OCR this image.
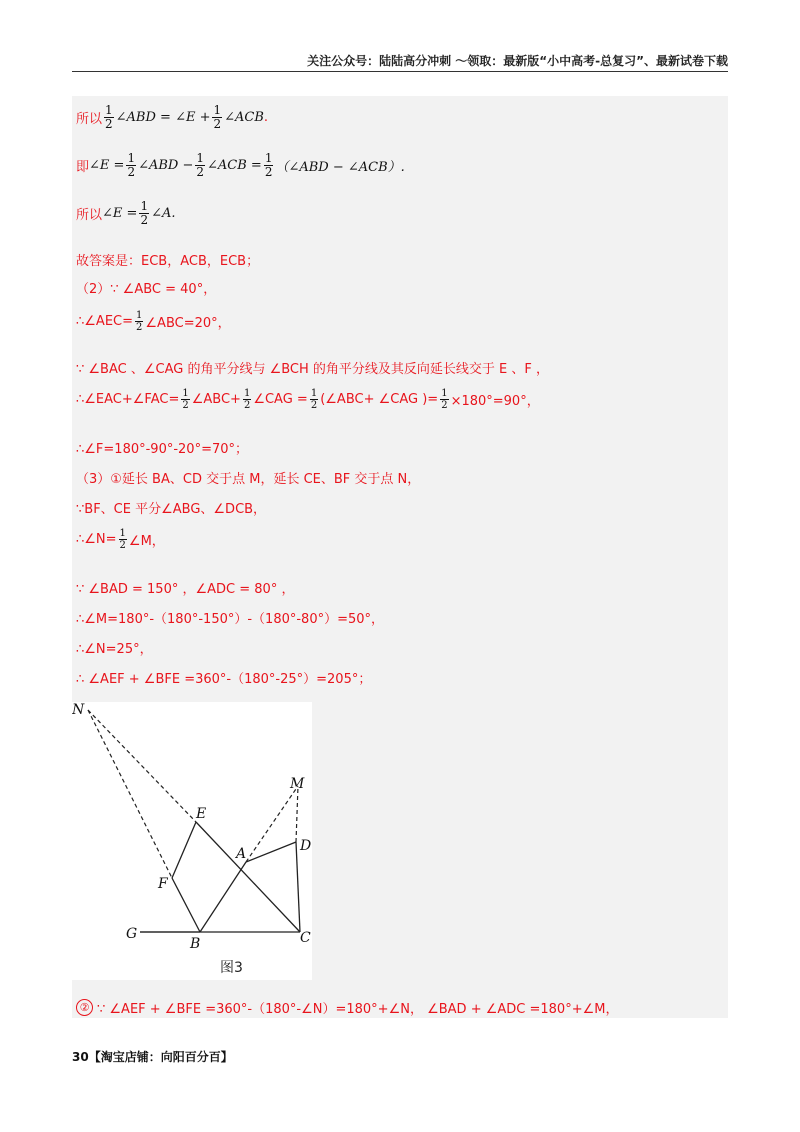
关注公众号：陆陆高分冲刺 〜领取：最新版“小中高考-总复习”、最新试卷下载
所以 $\frac{1}{2}$ ∠ABD = ∠E + $\frac{1}{2}$ ∠ACB .
即 ∠E = $\frac{1}{2}$ ∠ABD − $\frac{1}{2}$ ∠ACB = $\frac{1}{2}$ （∠ABD − ∠ACB）.
所以 ∠E = $\frac{1}{2}$ ∠A.
故答案是：ECB，ACB，ECB；
（2）∵ ∠ABC = 40°，
∴∠AEC= $\frac{1}{2}$ ∠ABC=20°，
∵ ∠BAC 、∠CAG 的角平分线与 ∠BCH 的角平分线及其反向延长线交于 E 、F ，
∴∠EAC+∠FAC= $\frac{1}{2}$ ∠ABC+ $\frac{1}{2}$ ∠CAG = $\frac{1}{2}$ (∠ABC+ ∠CAG )= $\frac{1}{2} \times 180^\circ=90^\circ$，
∴∠F=180°-90°-20°=70°；
（3）①延长 BA、CD 交于点 M，延长 CE、BF 交于点 N，
∵BF、CE 平分∠ABG、∠DCB，
∴∠N= $\frac{1}{2}$ ∠M，
∵ ∠BAD = 150° ，∠ADC = 80° ，
∴∠M=180°-（180°-150°）-（180°-80°）=50°，
∴∠N=25°，
∴ ∠AEF + ∠BFE =360°-（180°-25°）=205°；
N
M
E
A	D
F
G
B	C
图3
② ∵ ∠AEF + ∠BFE =360°-（180°-∠N）=180°+∠N， ∠BAD + ∠ADC =180°+∠M，
30【淘宝店铺：向阳百分百】
